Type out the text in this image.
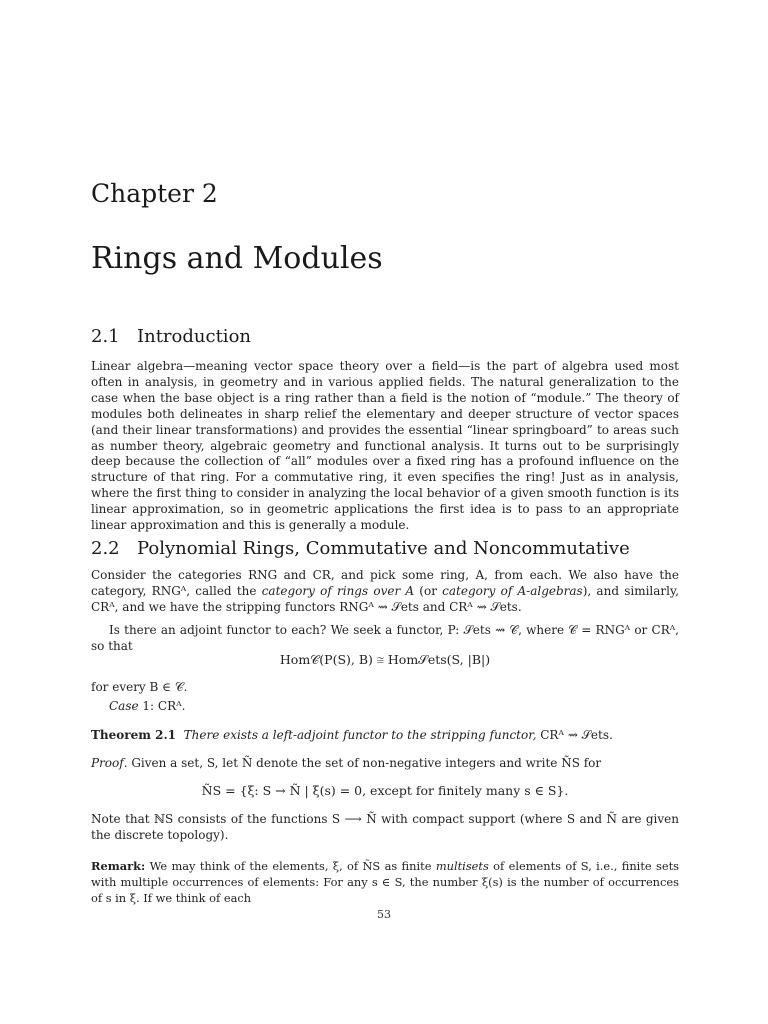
Chapter 2
Rings and Modules
2.1 Introduction

Linear algebra—meaning vector space theory over a field—is the part of algebra used most often in analysis, in geometry and in various applied fields. The natural generalization to the case when the base object is a ring rather than a field is the notion of “module.” The theory of modules both delineates in sharp relief the elementary and deeper structure of vector spaces (and their linear transformations) and provides the essential “linear springboard” to areas such as number theory, algebraic geometry and functional analysis. It turns out to be surprisingly deep because the collection of “all” modules over a fixed ring has a profound influence on the structure of that ring. For a commutative ring, it even specifies the ring! Just as in analysis, where the first thing to consider in analyzing the local behavior of a given smooth function is its linear approximation, so in geometric applications the first idea is to pass to an appropriate linear approximation and this is generally a module.

2.2 Polynomial Rings, Commutative and Noncommutative

Consider the categories RNG and CR, and pick some ring, A, from each. We also have the category, RNGᴬ, called the category of rings over A (or category of A-algebras), and similarly, CRᴬ, and we have the stripping functors RNGᴬ ⇝ 𝒮ets and CRᴬ ⇝ 𝒮ets.

Is there an adjoint functor to each? We seek a functor, P: 𝒮ets ⇝ 𝒞, where 𝒞 = RNGᴬ or CRᴬ, so that

Hom𝒞(P(S), B) ≅ Hom𝒮ets(S, |B|)

for every B ∈ 𝒞.

Case 1: CRᴬ.

Theorem 2.1 There exists a left-adjoint functor to the stripping functor, CRᴬ ⇝ 𝒮ets.

Proof. Given a set, S, let Ñ denote the set of non-negative integers and write ÑS for

ÑS = {ξ: S → Ñ | ξ(s) = 0, except for finitely many s ∈ S}.

Note that ℕS consists of the functions S ⟶ Ñ with compact support (where S and Ñ are given the discrete topology).

Remark: We may think of the elements, ξ, of ÑS as finite multisets of elements of S, i.e., finite sets with multiple occurrences of elements: For any s ∈ S, the number ξ(s) is the number of occurrences of s in ξ. If we think of each

53
